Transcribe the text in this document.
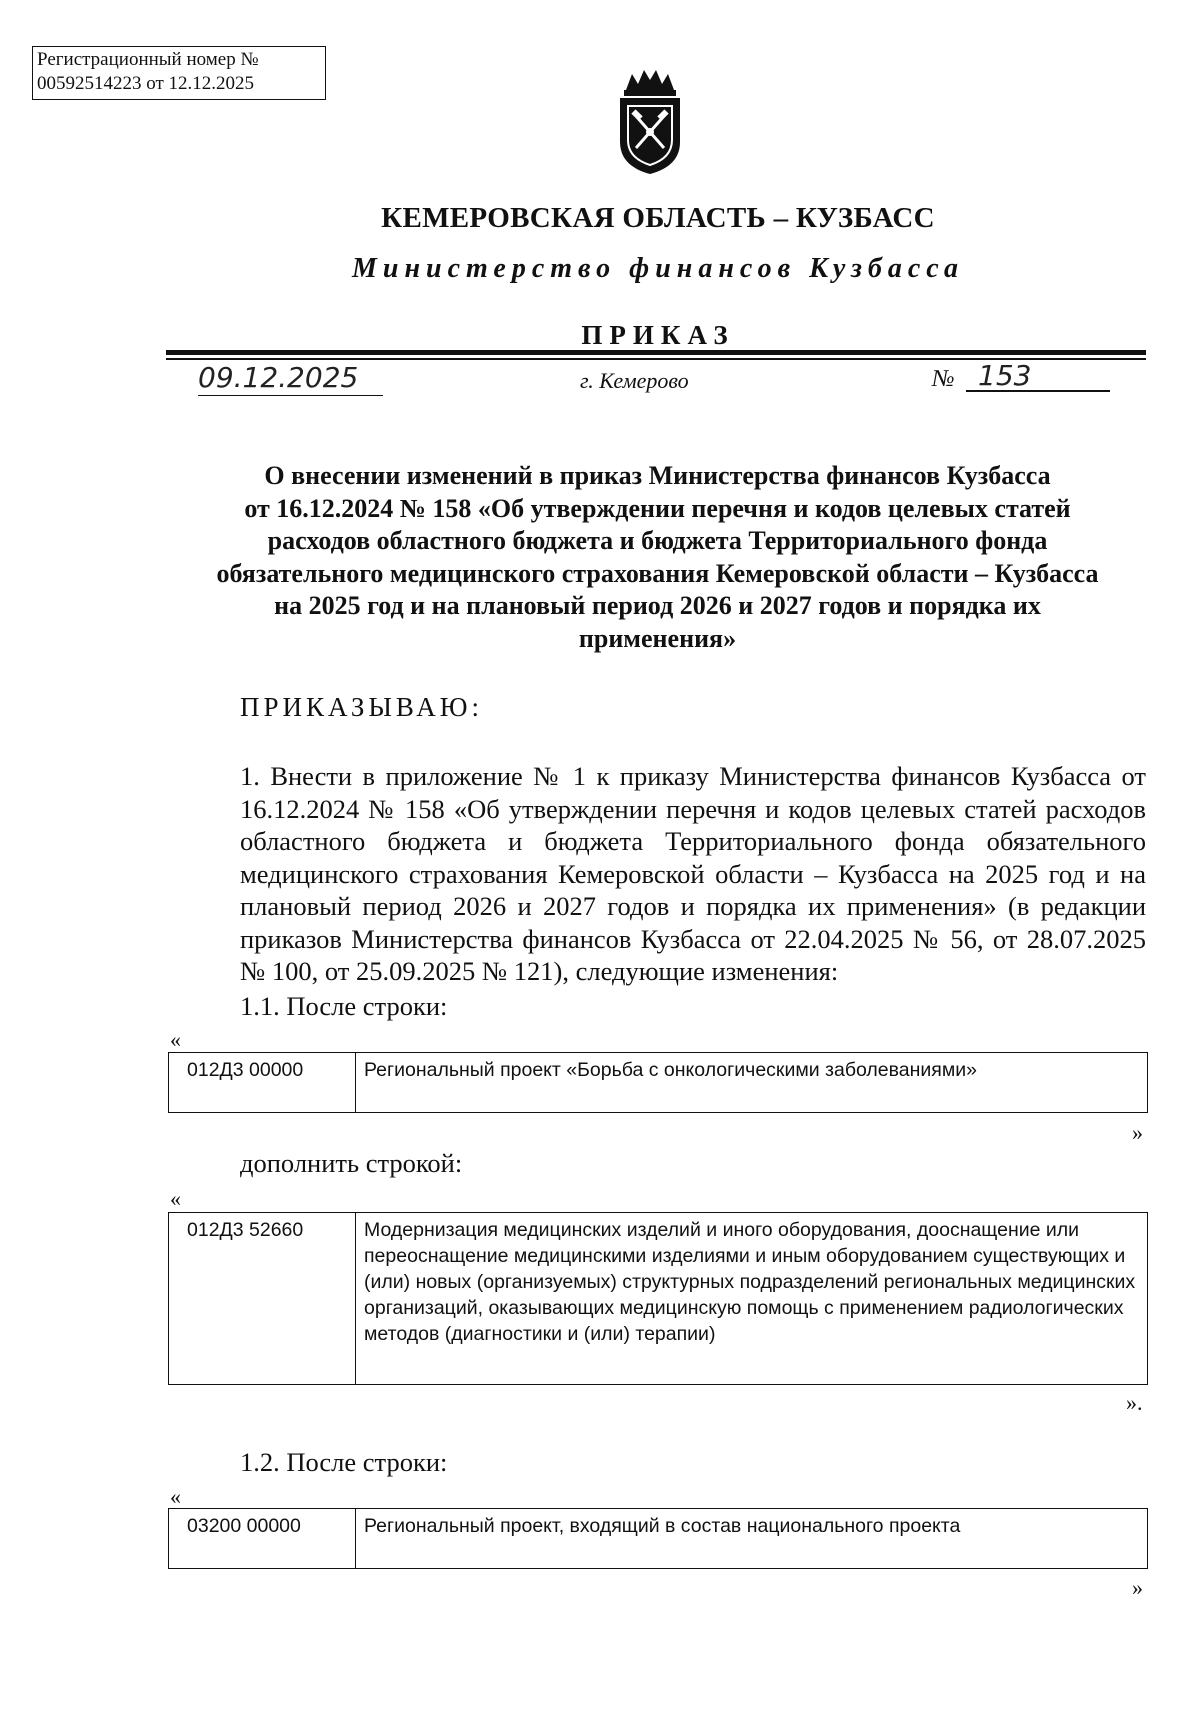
Регистрационный номер №
00592514223 от 12.12.2025
КЕМЕРОВСКАЯ ОБЛАСТЬ – КУЗБАСС
Министерство финансов Кузбасса
ПРИКАЗ
09.12.2025	г. Кемерово	№ 153
О внесении изменений в приказ Министерства финансов Кузбасса
от 16.12.2024 № 158 «Об утверждении перечня и кодов целевых статей
расходов областного бюджета и бюджета Территориального фонда
обязательного медицинского страхования Кемеровской области – Кузбасса
на 2025 год и на плановый период 2026 и 2027 годов и порядка их
применения»
ПРИКАЗЫВАЮ:
1. Внести в приложение № 1 к приказу Министерства финансов Кузбасса от 16.12.2024 № 158 «Об утверждении перечня и кодов целевых статей расходов областного бюджета и бюджета Территориального фонда обязательного медицинского страхования Кемеровской области – Кузбасса на 2025 год и на плановый период 2026 и 2027 годов и порядка их применения» (в редакции приказов Министерства финансов Кузбасса от 22.04.2025 № 56, от 28.07.2025 № 100, от 25.09.2025 № 121), следующие изменения:
1.1. После строки:
«
012Д3 00000	Региональный проект «Борьба с онкологическими заболеваниями»
»
дополнить строкой:
«
012Д3 52660	Модернизация медицинских изделий и иного оборудования, дооснащение или переоснащение медицинскими изделиями и иным оборудованием существующих и (или) новых (организуемых) структурных подразделений региональных медицинских организаций, оказывающих медицинскую помощь с применением радиологических методов (диагностики и (или) терапии)
».
1.2. После строки:
«
03200 00000	Региональный проект, входящий в состав национального проекта
»
